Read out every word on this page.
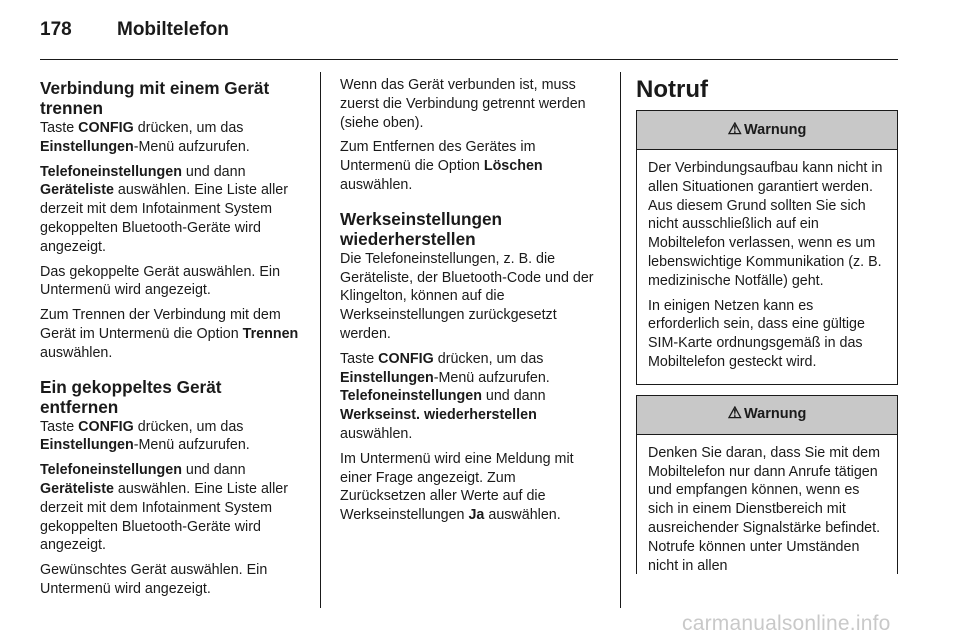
178 Mobiltelefon
Verbindung mit einem Gerät trennen

Taste CONFIG drücken, um das Einstellungen-Menü aufzurufen.

Telefoneinstellungen und dann Geräteliste auswählen. Eine Liste aller derzeit mit dem Infotainment System gekoppelten Bluetooth-Geräte wird angezeigt.

Das gekoppelte Gerät auswählen. Ein Untermenü wird angezeigt.

Zum Trennen der Verbindung mit dem Gerät im Untermenü die Option Trennen auswählen.

Ein gekoppeltes Gerät entfernen

Taste CONFIG drücken, um das Einstellungen-Menü aufzurufen.

Telefoneinstellungen und dann Geräteliste auswählen. Eine Liste aller derzeit mit dem Infotainment System gekoppelten Bluetooth-Geräte wird angezeigt.

Gewünschtes Gerät auswählen. Ein Untermenü wird angezeigt.

Wenn das Gerät verbunden ist, muss zuerst die Verbindung getrennt werden (siehe oben).

Zum Entfernen des Gerätes im Untermenü die Option Löschen auswählen.

Werkseinstellungen wiederherstellen

Die Telefoneinstellungen, z. B. die Geräteliste, der Bluetooth-Code und der Klingelton, können auf die Werkseinstellungen zurückgesetzt werden.

Taste CONFIG drücken, um das Einstellungen-Menü aufzurufen. Telefoneinstellungen und dann Werkseinst. wiederherstellen auswählen.

Im Untermenü wird eine Meldung mit einer Frage angezeigt. Zum Zurücksetzen aller Werte auf die Werkseinstellungen Ja auswählen.

Notruf
⚠ Warnung

Der Verbindungsaufbau kann nicht in allen Situationen garantiert werden. Aus diesem Grund sollten Sie sich nicht ausschließlich auf ein Mobiltelefon verlassen, wenn es um lebenswichtige Kommunikation (z. B. medizinische Notfälle) geht.

In einigen Netzen kann es erforderlich sein, dass eine gültige SIM-Karte ordnungsgemäß in das Mobiltelefon gesteckt wird.

⚠ Warnung

Denken Sie daran, dass Sie mit dem Mobiltelefon nur dann Anrufe tätigen und empfangen können, wenn es sich in einem Dienstbereich mit ausreichender Signalstärke befindet. Notrufe können unter Umständen nicht in allen

carmanualsonline.info
